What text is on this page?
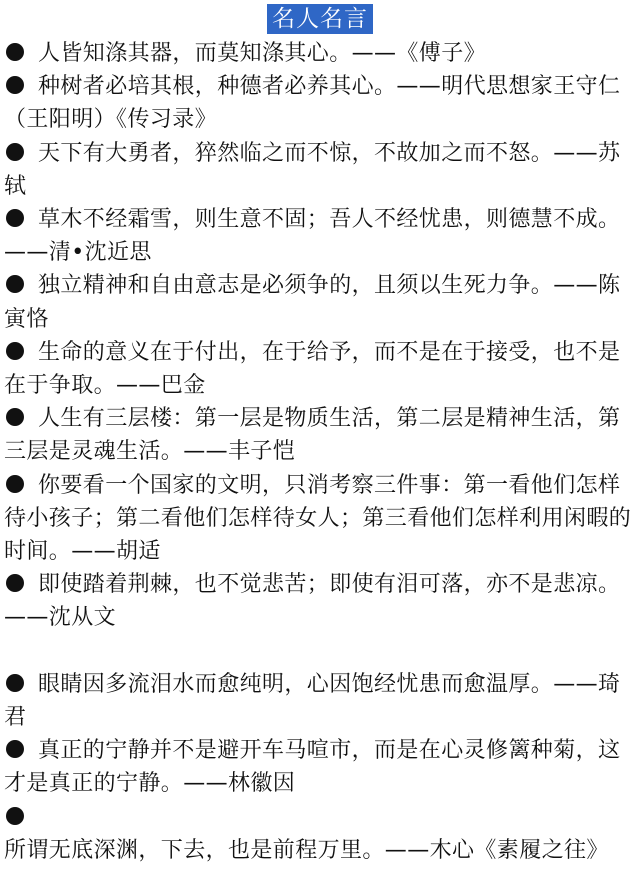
名人名言
人皆知涤其器，而莫知涤其心。——《傅子》
种树者必培其根，种德者必养其心。——明代思想家王守仁（王阳明）《传习录》
天下有大勇者，猝然临之而不惊，不故加之而不怒。——苏轼
草木不经霜雪，则生意不固；吾人不经忧患，则德慧不成。——清•沈近思
独立精神和自由意志是必须争的，且须以生死力争。——陈寅恪
生命的意义在于付出，在于给予，而不是在于接受，也不是在于争取。——巴金
人生有三层楼：第一层是物质生活，第二层是精神生活，第三层是灵魂生活。——丰子恺
你要看一个国家的文明，只消考察三件事：第一看他们怎样待小孩子；第二看他们怎样待女人；第三看他们怎样利用闲暇的时间。——胡适
即使踏着荆棘，也不觉悲苦；即使有泪可落，亦不是悲凉。——沈从文
眼睛因多流泪水而愈纯明，心因饱经忧患而愈温厚。——琦君
真正的宁静并不是避开车马喧市，而是在心灵修篱种菊，这才是真正的宁静。——林徽因
所谓无底深渊，下去，也是前程万里。——木心《素履之往》
